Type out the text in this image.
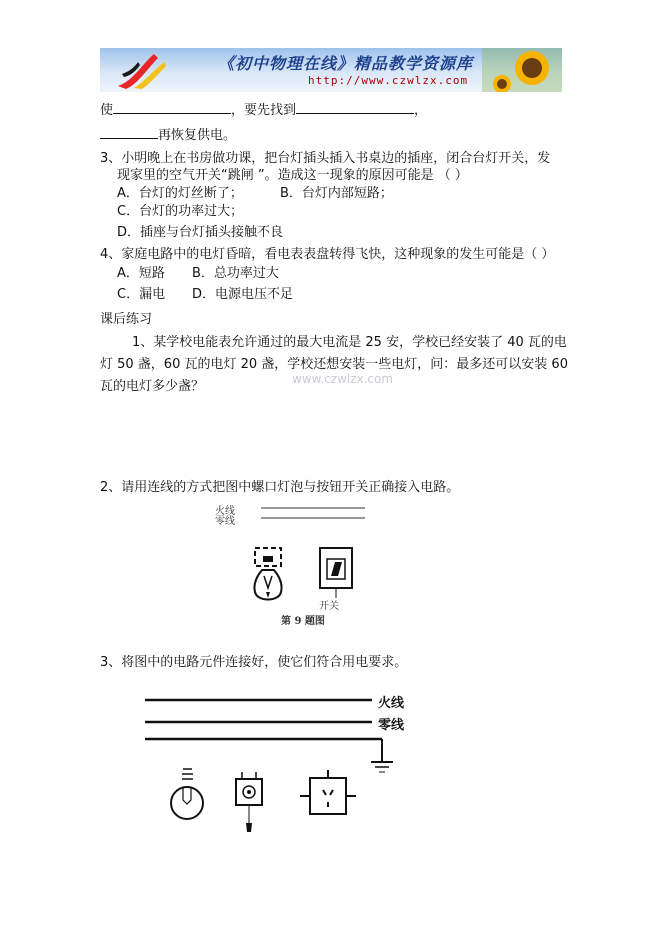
《初中物理在线》精品教学资源库
http://www.czwlzx.com
使	，要先找到	，
再恢复供电。
3、小明晚上在书房做功课，把台灯插头插入书桌边的插座，闭合台灯开关，发
现家里的空气开关“跳闸 ”。造成这一现象的原因可能是 （ ）
A．台灯的灯丝断了；	B．台灯内部短路；
C．台灯的功率过大；
D．插座与台灯插头接触不良
4、家庭电路中的电灯昏暗，看电表表盘转得飞快，这种现象的发生可能是（ ）
A．短路 B．总功率过大
C．漏电 D．电源电压不足
课后练习
1、某学校电能表允许通过的最大电流是 25 安，学校已经安装了 40 瓦的电
灯 50 盏，60 瓦的电灯 20 盏，学校还想安装一些电灯，问：最多还可以安装 60
瓦的电灯多少盏？	www.czwlzx.com
2、请用连线的方式把图中螺口灯泡与按钮开关正确接入电路。
火线
零线
开关
第 9 题图
3、将图中的电路元件连接好，使它们符合用电要求。
火线
零线
